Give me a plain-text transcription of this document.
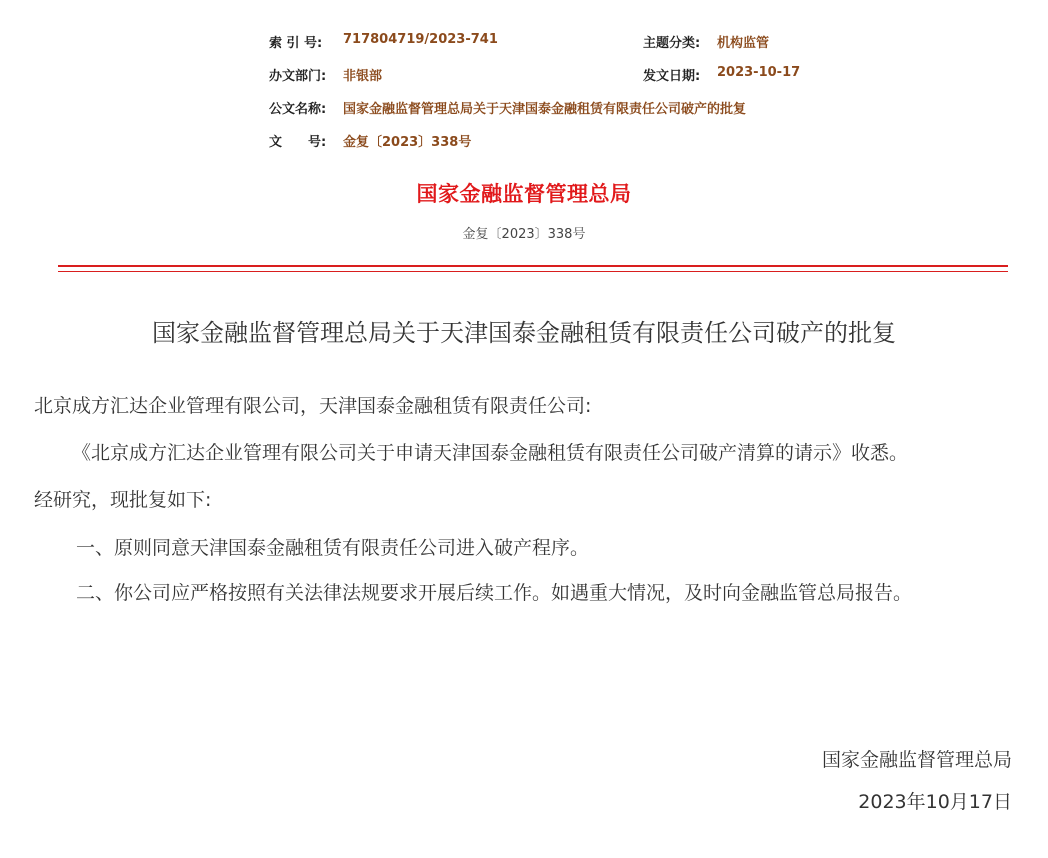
索 引 号: 717804719/2023-741	主题分类: 机构监管
办文部门: 非银部	发文日期: 2023-10-17
公文名称: 国家金融监督管理总局关于天津国泰金融租赁有限责任公司破产的批复
文　　号: 金复〔2023〕338号
国家金融监督管理总局
金复〔2023〕338号
国家金融监督管理总局关于天津国泰金融租赁有限责任公司破产的批复
北京成方汇达企业管理有限公司，天津国泰金融租赁有限责任公司:
《北京成方汇达企业管理有限公司关于申请天津国泰金融租赁有限责任公司破产清算的请示》收悉。
经研究，现批复如下:
一、原则同意天津国泰金融租赁有限责任公司进入破产程序。
二、你公司应严格按照有关法律法规要求开展后续工作。如遇重大情况，及时向金融监管总局报告。
国家金融监督管理总局
2023年10月17日
